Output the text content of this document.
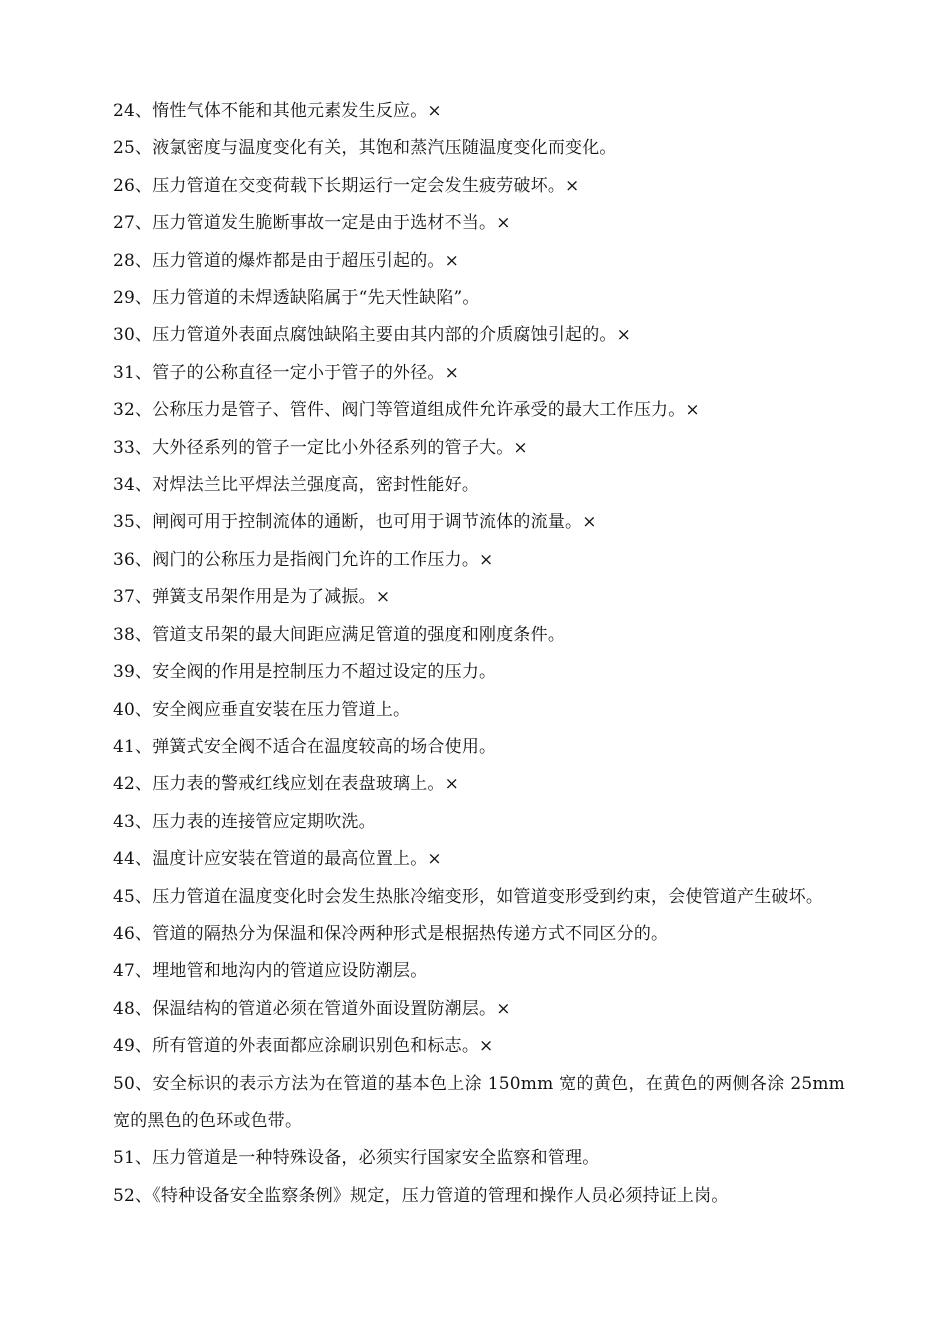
24、惰性气体不能和其他元素发生反应。×

25、液氯密度与温度变化有关，其饱和蒸汽压随温度变化而变化。

26、压力管道在交变荷载下长期运行一定会发生疲劳破坏。×

27、压力管道发生脆断事故一定是由于选材不当。×

28、压力管道的爆炸都是由于超压引起的。×

29、压力管道的未焊透缺陷属于“先天性缺陷”。

30、压力管道外表面点腐蚀缺陷主要由其内部的介质腐蚀引起的。×

31、管子的公称直径一定小于管子的外径。×

32、公称压力是管子、管件、阀门等管道组成件允许承受的最大工作压力。×

33、大外径系列的管子一定比小外径系列的管子大。×

34、对焊法兰比平焊法兰强度高，密封性能好。

35、闸阀可用于控制流体的通断，也可用于调节流体的流量。×

36、阀门的公称压力是指阀门允许的工作压力。×

37、弹簧支吊架作用是为了减振。×

38、管道支吊架的最大间距应满足管道的强度和刚度条件。

39、安全阀的作用是控制压力不超过设定的压力。

40、安全阀应垂直安装在压力管道上。

41、弹簧式安全阀不适合在温度较高的场合使用。

42、压力表的警戒红线应划在表盘玻璃上。×

43、压力表的连接管应定期吹洗。

44、温度计应安装在管道的最高位置上。×

45、压力管道在温度变化时会发生热胀冷缩变形，如管道变形受到约束，会使管道产生破坏。

46、管道的隔热分为保温和保冷两种形式是根据热传递方式不同区分的。

47、埋地管和地沟内的管道应设防潮层。

48、保温结构的管道必须在管道外面设置防潮层。×

49、所有管道的外表面都应涂刷识别色和标志。×

50、安全标识的表示方法为在管道的基本色上涂 150mm 宽的黄色，在黄色的两侧各涂 25mm 宽的黑色的色环或色带。

51、压力管道是一种特殊设备，必须实行国家安全监察和管理。

52、《特种设备安全监察条例》规定，压力管道的管理和操作人员必须持证上岗。
